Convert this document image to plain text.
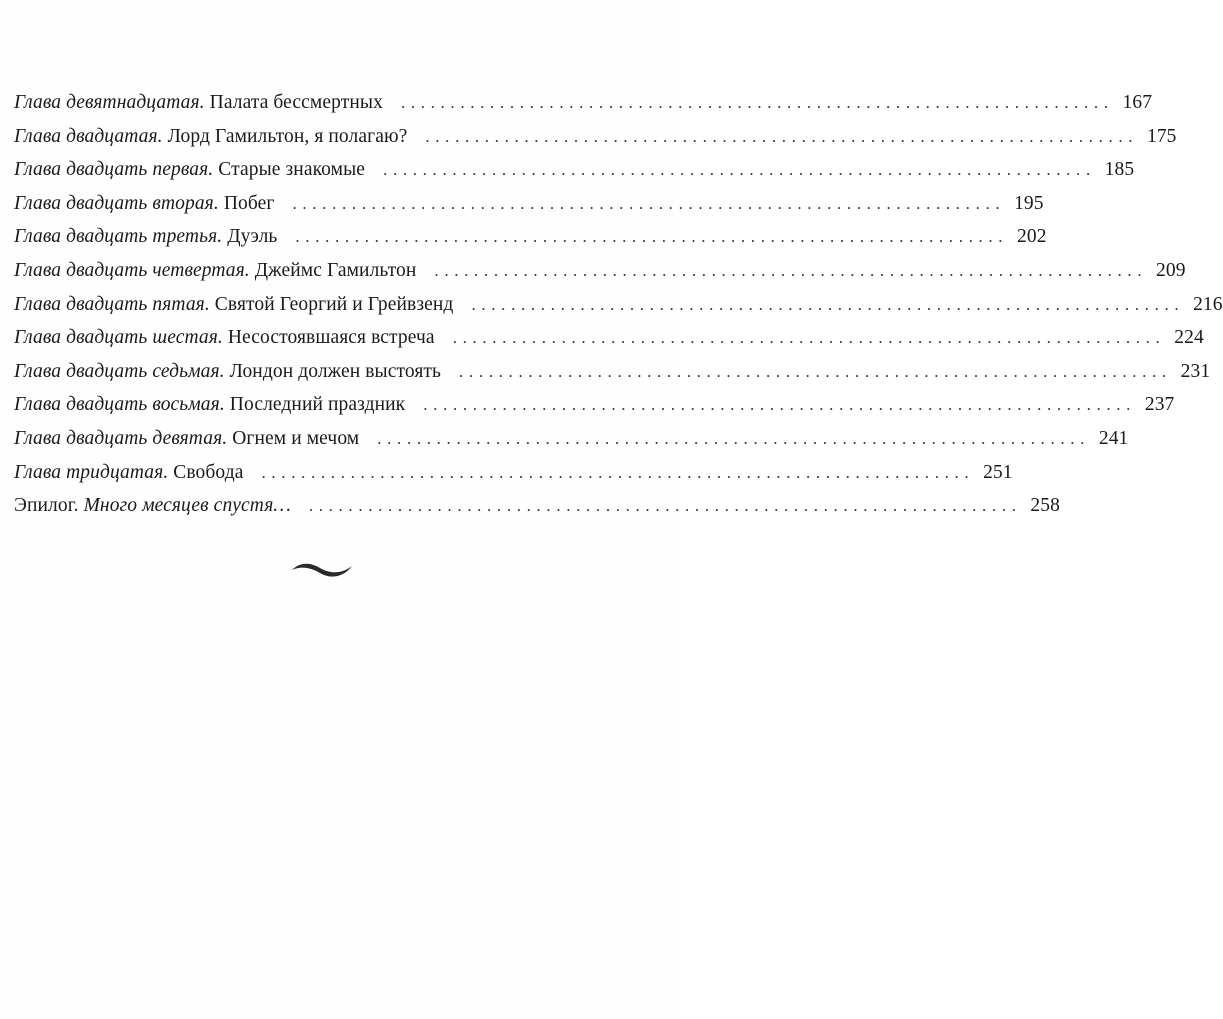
Глава девятнадцатая. Палата бессмертных . . .	167
Глава двадцатая. Лорд Гамильтон, я полагаю? . . .	175
Глава двадцать первая. Старые знакомые . . .	185
Глава двадцать вторая. Побег . . .	195
Глава двадцать третья. Дуэль . . .	202
Глава двадцать четвертая. Джеймс Гамильтон . . .	209
Глава двадцать пятая. Святой Георгий и Грейвзенд . . .	216
Глава двадцать шестая. Несостоявшаяся встреча . . .	224
Глава двадцать седьмая. Лондон должен выстоять . . .	231
Глава двадцать восьмая. Последний праздник . . .	237
Глава двадцать девятая. Огнем и мечом . . .	241
Глава тридцатая. Свобода . . .	251
Эпилог. Много месяцев спустя… . . .	258
